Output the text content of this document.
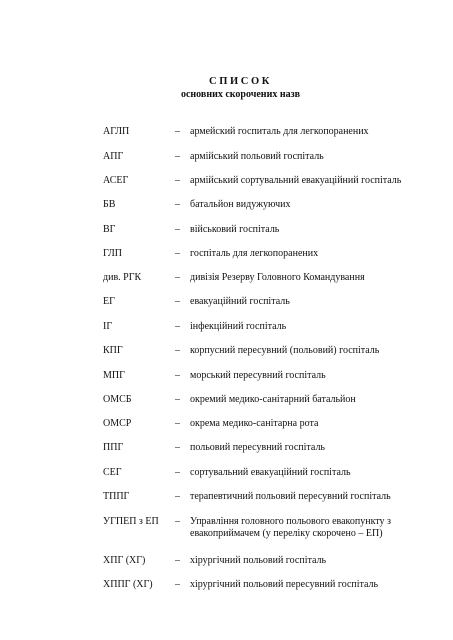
СПИСОК
основних скорочених назв
АГЛП	– армейский госпиталь для легкопоранених
АПГ	– армійський польовий госпіталь
АСЕГ	– армійський сортувальний евакуаційний госпіталь
БВ	– батальйон видужуючих
ВГ	– військовий госпіталь
ГЛП	– госпіталь для легкопоранених
див. РГК	– дивізія Резерву Головного Командування
ЕГ	– евакуаційний госпіталь
ІГ	– інфекційний госпіталь
КПГ	– корпусний пересувний (польовий) госпіталь
МПГ	– морський пересувний госпіталь
ОМСБ	– окремий медико-санітарний батальйон
ОМСР	– окрема медико-санітарна рота
ППГ	– польовий пересувний госпіталь
СЕГ	– сортувальний евакуаційний госпіталь
ТППГ	– терапевтичний польовий пересувний госпіталь
УГПЕП з ЕП – Управління головного польового евакопункту з евакоприймачем (у переліку скорочено – ЕП)
ХПГ (ХГ)	– хірургічний польовий госпіталь
ХППГ (ХГ) – хірургічний польовий пересувний госпіталь
